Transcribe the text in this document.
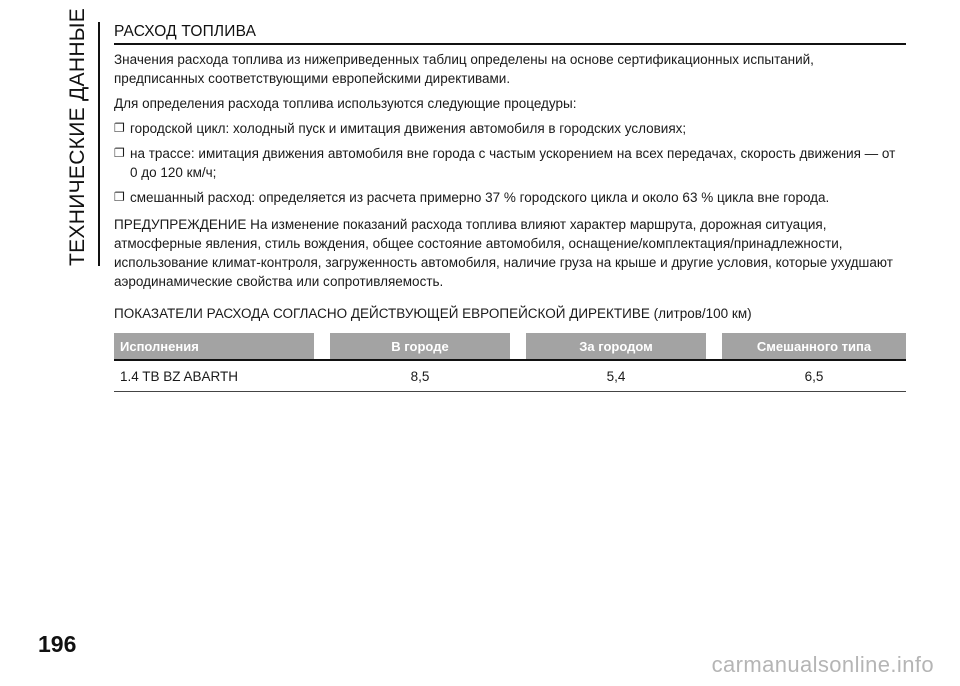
ТЕХНИЧЕСКИЕ ДАННЫЕ	РАСХОД ТОПЛИВА

Значения расхода топлива из нижеприведенных таблиц определены на основе сертификационных испытаний, предписанных соответствующими европейскими директивами.

Для определения расхода топлива используются следующие процедуры:

❐ городской цикл: холодный пуск и имитация движения автомобиля в городских условиях;
❐ на трассе: имитация движения автомобиля вне города с частым ускорением на всех передачах, скорость движения — от 0 до 120 км/ч;
❐ смешанный расход: определяется из расчета примерно 37 % городского цикла и около 63 % цикла вне города.

ПРЕДУПРЕЖДЕНИЕ На изменение показаний расхода топлива влияют характер маршрута, дорожная ситуация, атмосферные явления, стиль вождения, общее состояние автомобиля, оснащение/комплектация/принадлежности, использование климат-контроля, загруженность автомобиля, наличие груза на крыше и другие условия, которые ухудшают аэродинамические свойства или сопротивляемость.

ПОКАЗАТЕЛИ РАСХОДА СОГЛАСНО ДЕЙСТВУЮЩЕЙ ЕВРОПЕЙСКОЙ ДИРЕКТИВЕ (литров/100 км)

Исполнения		В городе		За городом		Смешанного типа

1.4 TB BZ ABARTH		8,5		5,4		6,5

196
carmanualsonline.info
